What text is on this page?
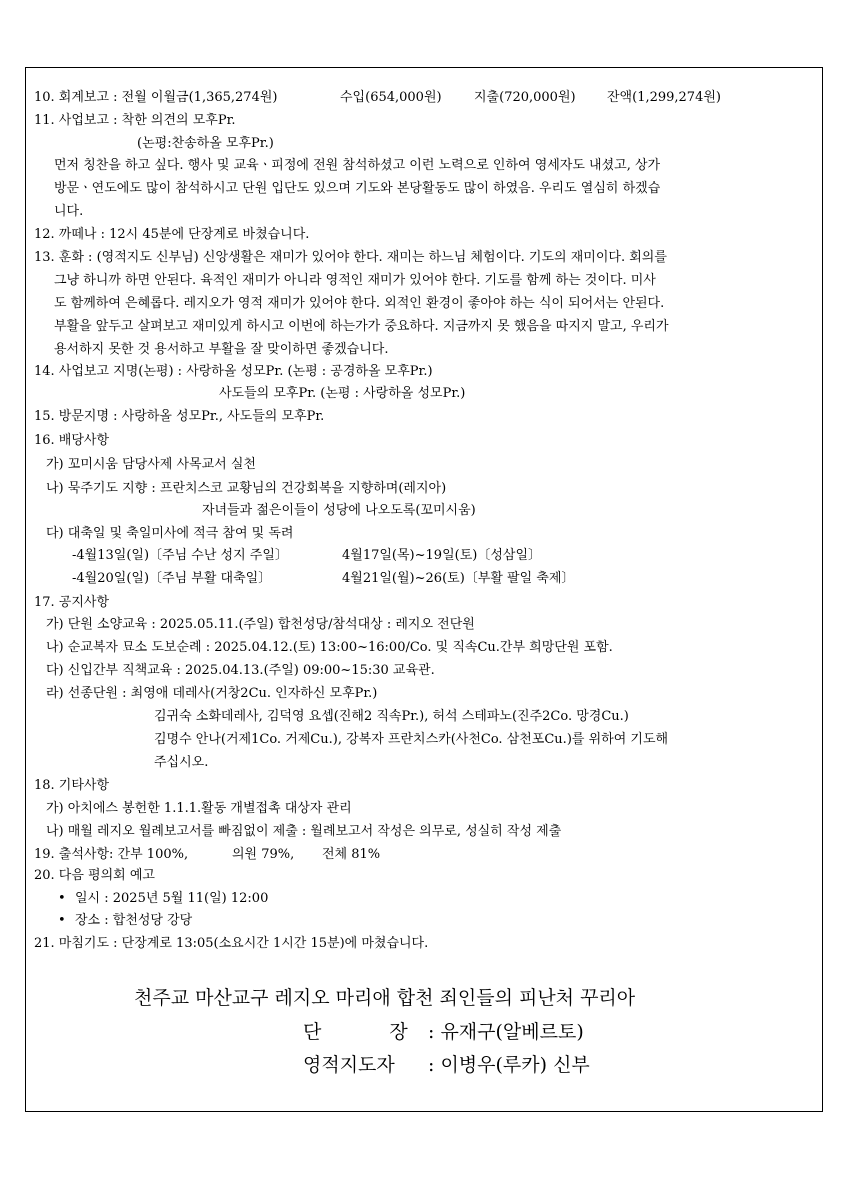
10. 회계보고 : 전월 이월금(1,365,274원)	수입(654,000원) 지출(720,000원) 잔액(1,299,274원)
11. 사업보고 : 착한 의견의 모후Pr.
(논평:찬송하올 모후Pr.)
먼저 칭찬을 하고 싶다. 행사 및 교육ㆍ피정에 전원 참석하셨고 이런 노력으로 인하여 영세자도 내셨고, 상가
방문ㆍ연도에도 많이 참석하시고 단원 입단도 있으며 기도와 본당활동도 많이 하였음. 우리도 열심히 하겠습
니다.
12. 까떼나 : 12시 45분에 단장계로 바쳤습니다.
13. 훈화 : (영적지도 신부님) 신앙생활은 재미가 있어야 한다. 재미는 하느님 체험이다. 기도의 재미이다. 회의를
그냥 하니까 하면 안된다. 육적인 재미가 아니라 영적인 재미가 있어야 한다. 기도를 함께 하는 것이다. 미사
도 함께하여 은혜롭다. 레지오가 영적 재미가 있어야 한다. 외적인 환경이 좋아야 하는 식이 되어서는 안된다.
부활을 앞두고 살펴보고 재미있게 하시고 이번에 하는가가 중요하다. 지금까지 못 했음을 따지지 말고, 우리가
용서하지 못한 것 용서하고 부활을 잘 맞이하면 좋겠습니다.
14. 사업보고 지명(논평) : 사랑하올 성모Pr. (논평 : 공경하올 모후Pr.)
사도들의 모후Pr. (논평 : 사랑하올 성모Pr.)
15. 방문지명 : 사랑하올 성모Pr., 사도들의 모후Pr.
16. 배당사항
가) 꼬미시움 담당사제 사목교서 실천
나) 묵주기도 지향 : 프란치스코 교황님의 건강회복을 지향하며(레지아)
자녀들과 젊은이들이 성당에 나오도록(꼬미시움)
다) 대축일 및 축일미사에 적극 참여 및 독려
-4월13일(일)〔주님 수난 성지 주일〕	4월17일(목)~19일(토)〔성삼일〕
-4월20일(일)〔주님 부활 대축일〕	4월21일(월)~26(토)〔부활 팔일 축제〕
17. 공지사항
가) 단원 소양교육 : 2025.05.11.(주일) 합천성당/참석대상 : 레지오 전단원
나) 순교복자 묘소 도보순례 : 2025.04.12.(토) 13:00~16:00/Co. 및 직속Cu.간부 희망단원 포함.
다) 신입간부 직책교육 : 2025.04.13.(주일) 09:00~15:30 교육관.
라) 선종단원 : 최영애 데레사(거창2Cu. 인자하신 모후Pr.)
김귀숙 소화데레사, 김덕영 요셉(진해2 직속Pr.), 허석 스테파노(진주2Co. 망경Cu.)
김명수 안나(거제1Co. 거제Cu.), 강복자 프란치스카(사천Co. 삼천포Cu.)를 위하여 기도해
주십시오.
18. 기타사항
가) 아치에스 봉헌한 1.1.1.활동 개별접촉 대상자 관리
나) 매월 레지오 월례보고서를 빠짐없이 제출 : 월례보고서 작성은 의무로, 성실히 작성 제출
19. 출석사항: 간부 100%,	의원 79%, 전체 81%
20. 다음 평의회 예고
• 일시 : 2025년 5월 11(일) 12:00
• 장소 : 합천성당 강당
21. 마침기도 : 단장계로 13:05(소요시간 1시간 15분)에 마쳤습니다.
천주교 마산교구 레지오 마리애 합천 죄인들의 피난처 꾸리아
단 장 : 유재구(알베르토)
영적지도자 : 이병우(루카) 신부
